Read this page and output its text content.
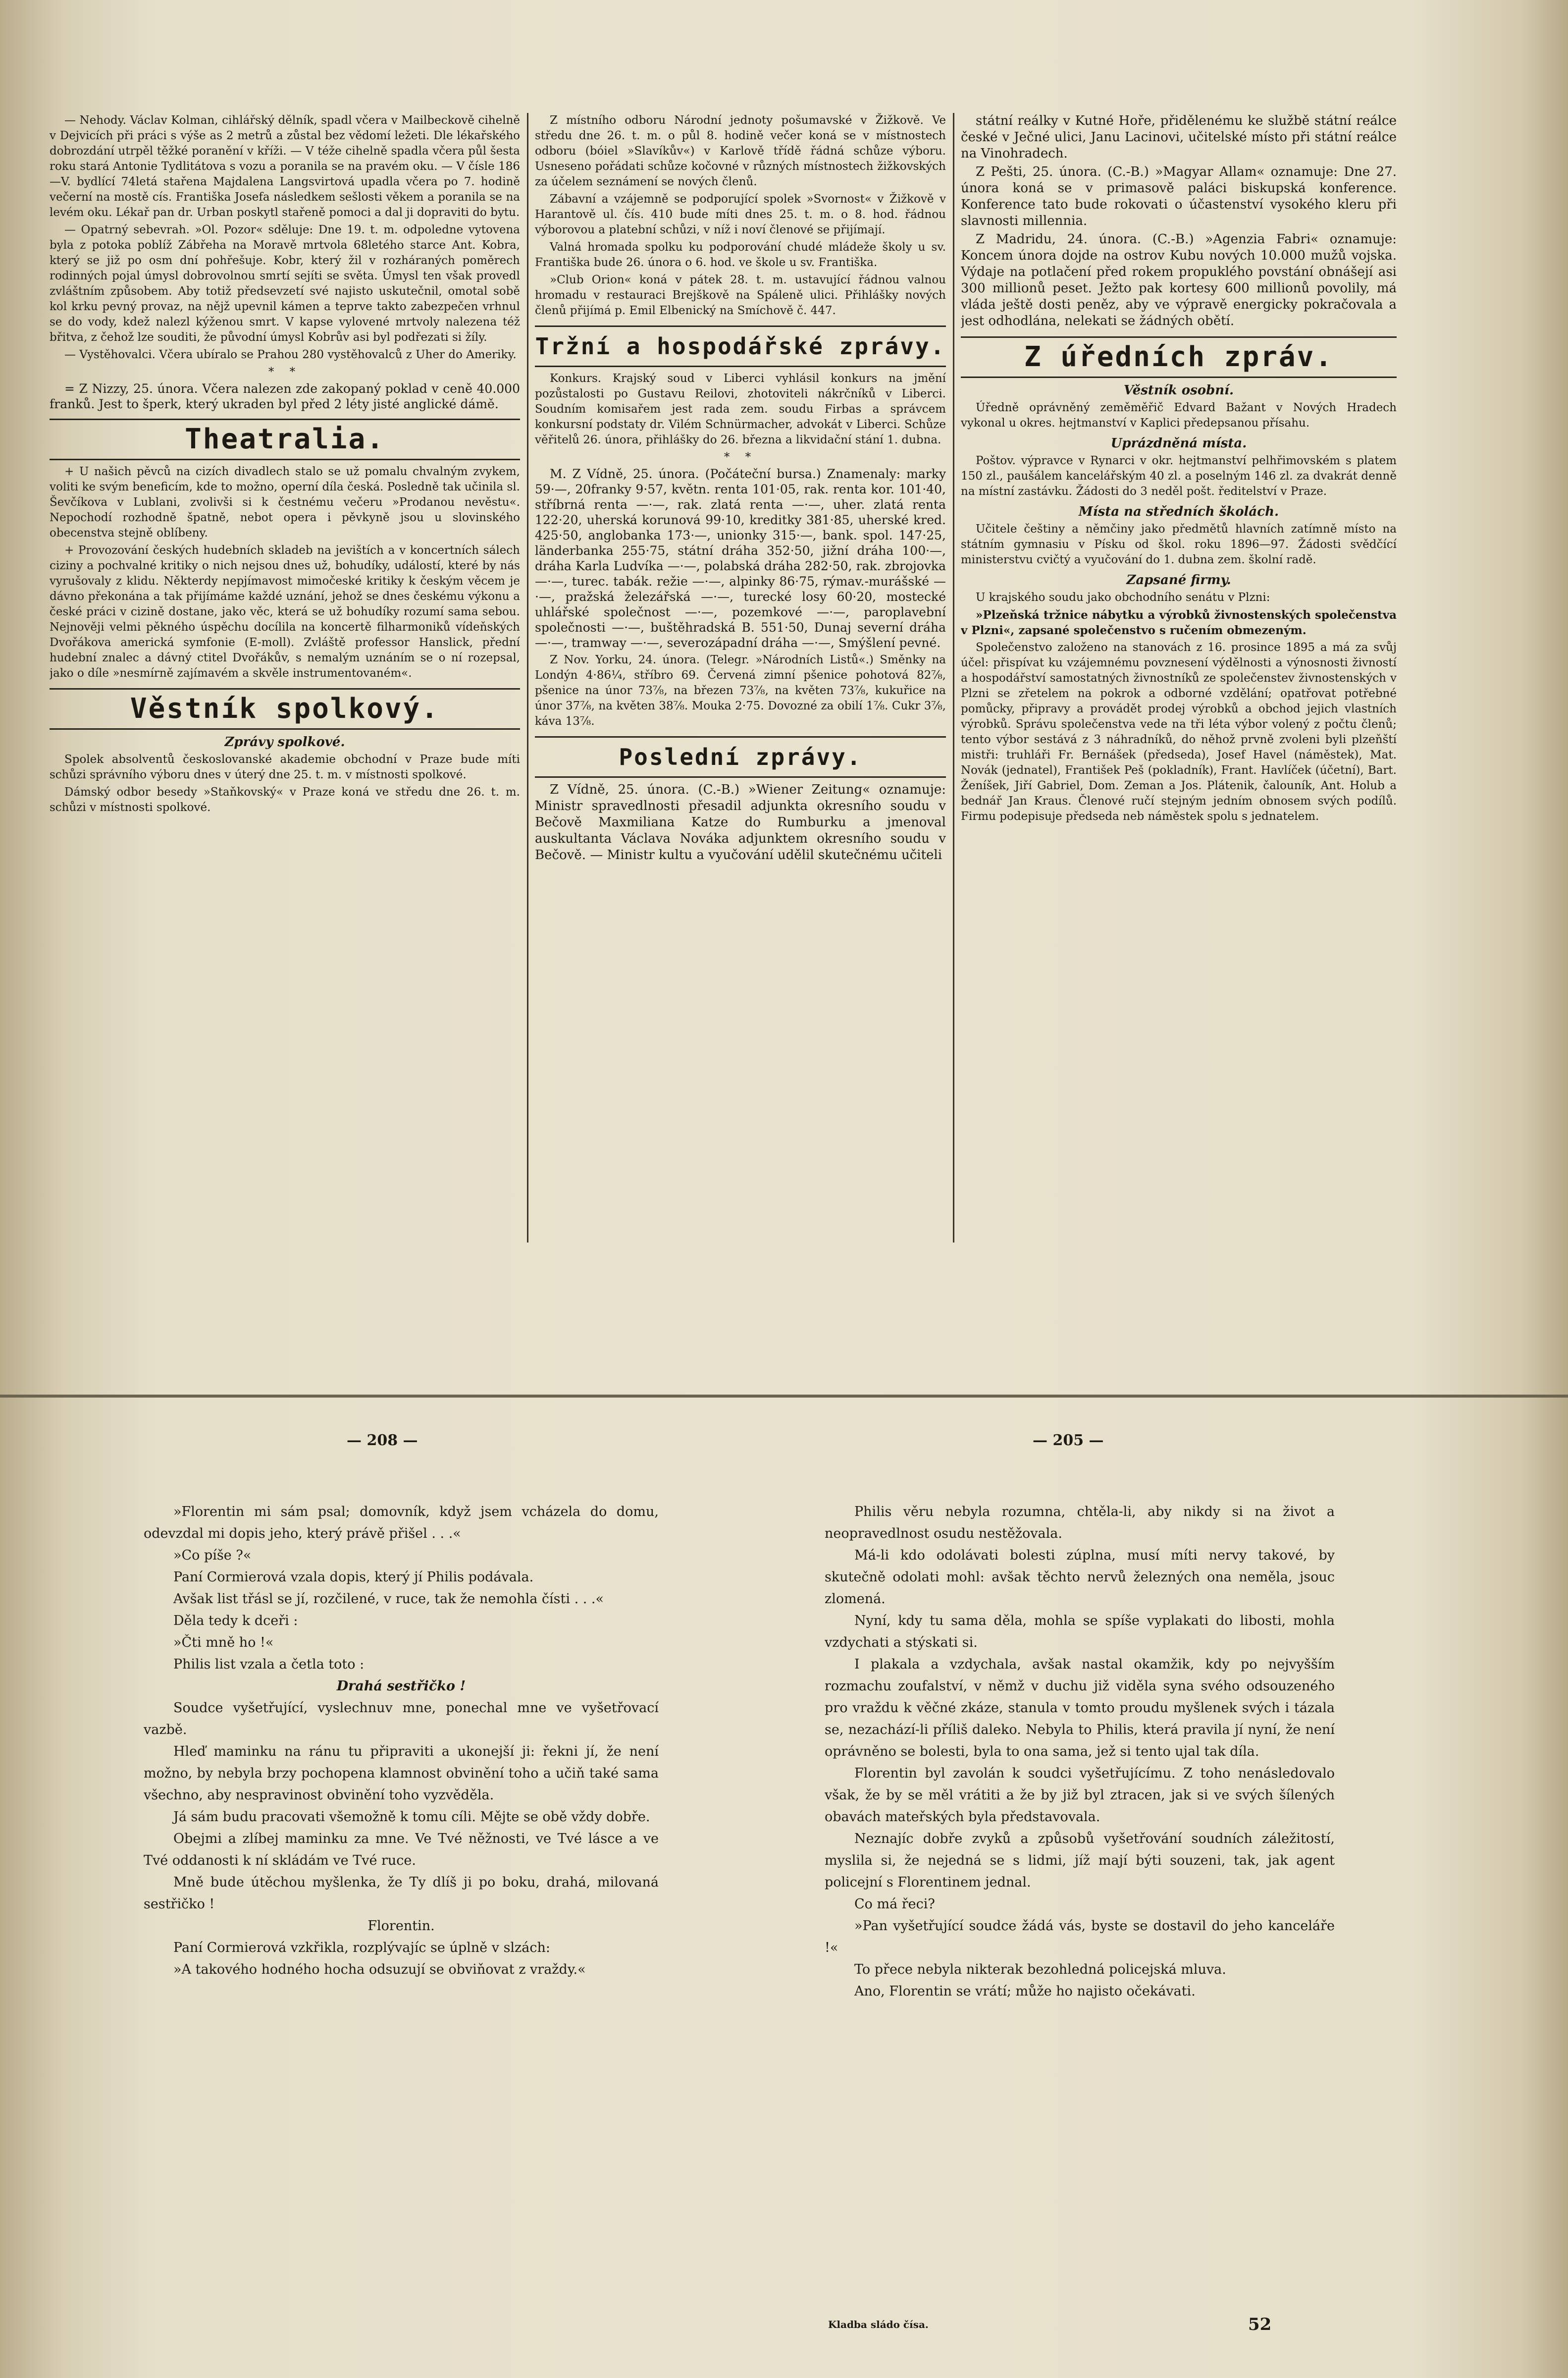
— Nehody. Václav Kolman, cihlářský dělník, spadl včera v Mailbeckově cihelně v Dejvicích při práci s výše as 2 metrů a zůstal bez vědomí ležeti. Dle lékařského dobrozdání utrpěl těžké poranění v kříži. — V téže cihelně spadla včera půl šesta roku stará Antonie Tydlitátova s vozu a poranila se na pravém oku. — V čísle 186—V. bydlící 74letá stařena Majdalena Langsvirtová upadla včera po 7. hodině večerní na mostě cís. Františka Josefa následkem sešlosti věkem a poranila se na levém oku. Lékař pan dr. Urban poskytl stařeně pomoci a dal ji dopraviti do bytu.

— Opatrný sebevrah. »Ol. Pozor« sděluje: Dne 19. t. m. odpoledne vytovena byla z potoka poblíž Zábřeha na Moravě mrtvola 68letého starce Ant. Kobra, který se již po osm dní pohřešuje. Kobr, který žil v rozháraných poměrech rodinných pojal úmysl dobrovolnou smrtí sejíti se světa. Úmysl ten však provedl zvláštním způsobem. Aby totiž předsevzetí své najisto uskutečnil, omotal sobě kol krku pevný provaz, na nějž upevnil kámen a teprve takto zabezpečen vrhnul se do vody, kdež nalezl kýženou smrt. V kapse vylovené mrtvoly nalezena též břitva, z čehož lze souditi, že původní úmysl Kobrův asi byl podřezati si žíly.

— Vystěhovalci. Včera ubíralo se Prahou 280 vystěhovalců z Uher do Ameriky.

* *

= Z Nizzy, 25. února. Včera nalezen zde zakopaný poklad v ceně 40.000 franků. Jest to šperk, který ukraden byl před 2 léty jisté anglické dámě.

Theatralia.

+ U našich pěvců na cizích divadlech stalo se už pomalu chvalným zvykem, voliti ke svým beneficím, kde to možno, operní díla česká. Posledně tak učinila sl. Ševčíkova v Lublani, zvolivši si k čestnému večeru »Prodanou nevěstu«. Nepochodí rozhodně špatně, nebot opera i pěvkyně jsou u slovinského obecenstva stejně oblíbeny.

+ Provozování českých hudebních skladeb na jevištích a v koncertních sálech ciziny a pochvalné kritiky o nich nejsou dnes už, bohudíky, událostí, které by nás vyrušovaly z klidu. Některdy nepjímavost mimočeské kritiky k českým věcem je dávno překonána a tak přijímáme každé uznání, jehož se dnes českému výkonu a české práci v cizině dostane, jako věc, která se už bohudíky rozumí sama sebou. Nejnověji velmi pěkného úspěchu docílila na koncertě filharmoniků vídeňských Dvořákova americká symfonie (E-moll). Zvláště professor Hanslick, přední hudební znalec a dávný ctitel Dvořákův, s nemalým uznáním se o ní rozepsal, jako o díle »nesmírně zajímavém a skvěle instrumentovaném«.

Věstník spolkový.
Zprávy spolkové.

Spolek absolventů českoslovanské akademie obchodní v Praze bude míti schůzi správního výboru dnes v úterý dne 25. t. m. v místnosti spolkové.

Dámský odbor besedy »Staňkovský« v Praze koná ve středu dne 26. t. m. schůzi v místnosti spolkové.

Z místního odboru Národní jednoty pošumavské v Žižkově. Ve středu dne 26. t. m. o půl 8. hodině večer koná se v místnostech odboru (bóiel »Slavíkův«) v Karlově třídě řádná schůze výboru. Usneseno pořádati schůze kočovné v různých místnostech žižkovských za účelem seznámení se nových členů.

Zábavní a vzájemně se podporující spolek »Svornost« v Žižkově v Harantově ul. čís. 410 bude míti dnes 25. t. m. o 8. hod. řádnou výborovou a platební schůzi, v níž i noví členové se přijímají.

Valná hromada spolku ku podporování chudé mládeže školy u sv. Františka bude 26. února o 6. hod. ve škole u sv. Františka.

»Club Orion« koná v pátek 28. t. m. ustavující řádnou valnou hromadu v restauraci Brejškově na Spáleně ulici. Přihlášky nových členů přijímá p. Emil Elbenický na Smíchově č. 447.

Tržní a hospodářské zprávy.

Konkurs. Krajský soud v Liberci vyhlásil konkurs na jmění pozůstalosti po Gustavu Reilovi, zhotoviteli nákrčníků v Liberci. Soudním komisařem jest rada zem. soudu Firbas a správcem konkursní podstaty dr. Vilém Schnürmacher, advokát v Liberci. Schůze věřitelů 26. února, přihlášky do 26. března a likvidační stání 1. dubna.

* *

M. Z Vídně, 25. února. (Počáteční bursa.) Znamenaly: marky 59·—, 20franky 9·57, květn. renta 101·05, rak. renta kor. 101·40, stříbrná renta —·—, rak. zlatá renta —·—, uher. zlatá renta 122·20, uherská korunová 99·10, kreditky 381·85, uherské kred. 425·50, anglobanka 173·—, unionky 315·—, bank. spol. 147·25, länderbanka 255·75, státní dráha 352·50, jižní dráha 100·—, dráha Karla Ludvíka —·—, polabská dráha 282·50, rak. zbrojovka —·—, turec. tabák. režie —·—, alpinky 86·75, rýmav.-murášské —·—, pražská železářská —·—, turecké losy 60·20, mostecké uhlářské společnost —·—, pozemkové —·—, paroplavební společnosti —·—, buštěhradská B. 551·50, Dunaj severní dráha —·—, tramway —·—, severozápadní dráha —·—, Smýšlení pevné.

Z Nov. Yorku, 24. února. (Telegr. »Národních Listů«.) Směnky na Londýn 4·86¼, stříbro 69. Červená zimní pšenice pohotová 82⅞, pšenice na únor 73⅞, na březen 73⅞, na květen 73⅞, kukuřice na únor 37⅞, na květen 38⅞. Mouka 2·75. Dovozné za obilí 1⅞. Cukr 3⅞, káva 13⅞.

Poslední zprávy.

Z Vídně, 25. února. (C.-B.) »Wiener Zeitung« oznamuje: Ministr spravedlnosti přesadil adjunkta okresního soudu v Bečově Maxmiliana Katze do Rumburku a jmenoval auskultanta Václava Nováka adjunktem okresního soudu v Bečově. — Ministr kultu a vyučování udělil skutečnému učiteli

státní reálky v Kutné Hoře, přidělenému ke službě státní reálce české v Ječné ulici, Janu Lacinovi, učitelské místo při státní reálce na Vinohradech.

Z Pešti, 25. února. (C.-B.) »Magyar Allam« oznamuje: Dne 27. února koná se v primasově paláci biskupská konference. Konference tato bude rokovati o účastenství vysokého kleru při slavnosti millennia.

Z Madridu, 24. února. (C.-B.) »Agenzia Fabri« oznamuje: Koncem února dojde na ostrov Kubu nových 10.000 mužů vojska. Výdaje na potlačení před rokem propuklého povstání obnášejí asi 300 millionů peset. Ježto pak kortesy 600 millionů povolily, má vláda ještě dosti peněz, aby ve výpravě energicky pokračovala a jest odhodlána, nelekati se žádných obětí.

Z úředních zpráv.
Věstník osobní.

Úředně oprávněný zeměměřič Edvard Bažant v Nových Hradech vykonal u okres. hejtmanství v Kaplici předepsanou přísahu.

Uprázdněná místa.

Poštov. výpravce v Rynarci v okr. hejtmanství pelhřimovském s platem 150 zl., paušálem kancelářským 40 zl. a poselným 146 zl. za dvakrát denně na místní zastávku. Žádosti do 3 neděl pošt. ředitelství v Praze.

Místa na středních školách.

Učitele češtiny a němčiny jako předmětů hlavních zatímně místo na státním gymnasiu v Písku od škol. roku 1896—97. Žádosti svědčící ministerstvu cvičtý a vyučování do 1. dubna zem. školní radě.

Zapsané firmy.

U krajského soudu jako obchodního senátu v Plzni:

»Plzeňská tržnice nábytku a výrobků živnostenských společenstva v Plzni«, zapsané společenstvo s ručením obmezeným.

Společenstvo založeno na stanovách z 16. prosince 1895 a má za svůj účel: přispívat ku vzájemnému povznesení výdělnosti a výnosnosti živností a hospodářství samostatných živnostníků ze společenstev živnostenských v Plzni se zřetelem na pokrok a odborné vzdělání; opatřovat potřebné pomůcky, připravy a provádět prodej výrobků a obchod jejich vlastních výrobků. Správu společenstva vede na tři léta výbor volený z počtu členů; tento výbor sestává z 3 náhradníků, do něhož prvně zvoleni byli plzeňští mistři: truhláři Fr. Bernášek (předseda), Josef Havel (náměstek), Mat. Novák (jednatel), František Peš (pokladník), Frant. Havlíček (účetní), Bart. Ženíšek, Jiří Gabriel, Dom. Zeman a Jos. Plátenik, čalouník, Ant. Holub a bednář Jan Kraus. Členové ručí stejným jedním obnosem svých podílů. Firmu podepisuje předseda neb náměstek spolu s jednatelem.

— 208 —	— 205 —

»Florentin mi sám psal; domovník, když jsem vcházela do domu, odevzdal mi dopis jeho, který právě přišel . . .«

»Co píše ?«

Paní Cormierová vzala dopis, který jí Philis podávala.

Avšak list třásl se jí, rozčilené, v ruce, tak že nemohla čísti . . .«

Děla tedy k dceři :

»Čti mně ho !«

Philis list vzala a četla toto :

Drahá sestřičko !

Soudce vyšetřující, vyslechnuv mne, ponechal mne ve vyšetřovací vazbě.

Hleď maminku na ránu tu připraviti a ukonejší ji: řekni jí, že není možno, by nebyla brzy pochopena klamnost obvinění toho a učiň také sama všechno, aby nespravinost obvinění toho vyzvěděla.

Já sám budu pracovati všemožně k tomu cíli. Mějte se obě vždy dobře.

Obejmi a zlíbej maminku za mne. Ve Tvé něžnosti, ve Tvé lásce a ve Tvé oddanosti k ní skládám ve Tvé ruce.

Mně bude útěchou myšlenka, že Ty dlíš ji po boku, drahá, milovaná sestřičko !

Florentin.

Paní Cormierová vzkřikla, rozplývajíc se úplně v slzách:

»A takového hodného hocha odsuzují se obviňovat z vraždy.«

Philis věru nebyla rozumna, chtěla-li, aby nikdy si na život a neopravedlnost osudu nestěžovala.

Má-li kdo odolávati bolesti zúplna, musí míti nervy takové, by skutečně odolati mohl: avšak těchto nervů železných ona neměla, jsouc zlomená.

Nyní, kdy tu sama děla, mohla se spíše vyplakati do libosti, mohla vzdychati a stýskati si.

I plakala a vzdychala, avšak nastal okamžik, kdy po nejvyšším rozmachu zoufalství, v němž v duchu již viděla syna svého odsouzeného pro vraždu k věčné zkáze, stanula v tomto proudu myšlenek svých i tázala se, nezachází-li příliš daleko. Nebyla to Philis, která pravila jí nyní, že není oprávněno se bolesti, byla to ona sama, jež si tento ujal tak díla.

Florentin byl zavolán k soudci vyšetřujícímu. Z toho nenásledovalo však, že by se měl vrátiti a že by již byl ztracen, jak si ve svých šílených obavách mateřských byla představovala.

Neznajíc dobře zvyků a způsobů vyšetřování soudních záležitostí, myslila si, že nejedná se s lidmi, jíž mají býti souzeni, tak, jak agent policejní s Florentinem jednal.

Co má řeci?

»Pan vyšetřující soudce žádá vás, byste se dostavil do jeho kanceláře !«

To přece nebyla nikterak bezohledná policejská mluva.

Ano, Florentin se vrátí; může ho najisto očekávati.

Kladba sládo čísa.	52
